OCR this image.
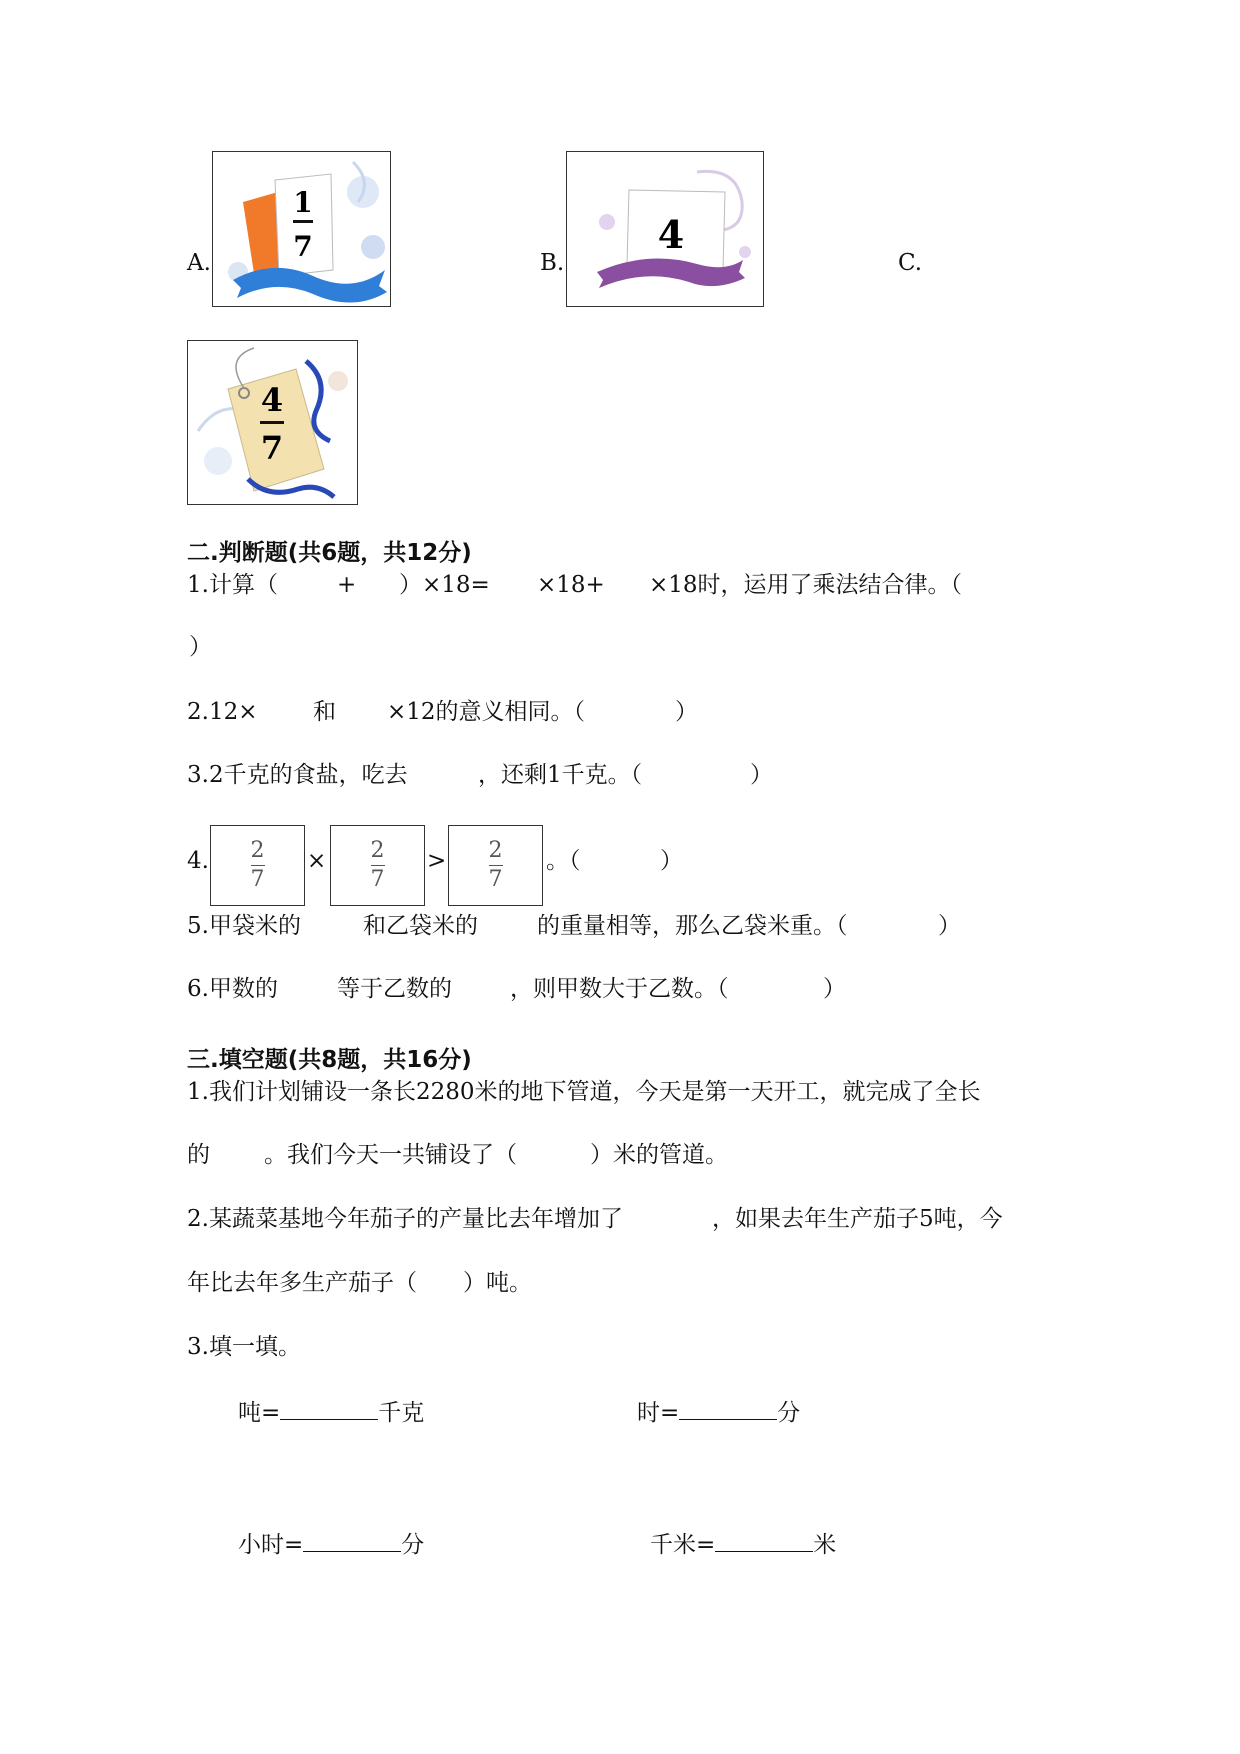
A.
1
7	B.
4
C.
4
7
二.判断题(共6题，共12分)
1.计算（	+ ）×18= ×18+ ×18时，运用了乘法结合律。（
）
2.12× 和 ×12的意义相同。（	）
3.2千克的食盐，吃去	，还剩1千克。（	）
4. 2
7
× 2
7
> 2
7
。（	）
5.甲袋米的	和乙袋米的	的重量相等，那么乙袋米重。（	）
6.甲数的	等于乙数的	，则甲数大于乙数。（	）
三.填空题(共8题，共16分)
1.我们计划铺设一条长2280米的地下管道，今天是第一天开工，就完成了全长
的 。我们今天一共铺设了（	）米的管道。
2.某蔬菜基地今年茄子的产量比去年增加了	，如果去年生产茄子5吨，今
年比去年多生产茄子（　　）吨。
3.填一填。
吨=	千克	时=	分
小时=	分	千米=	米
